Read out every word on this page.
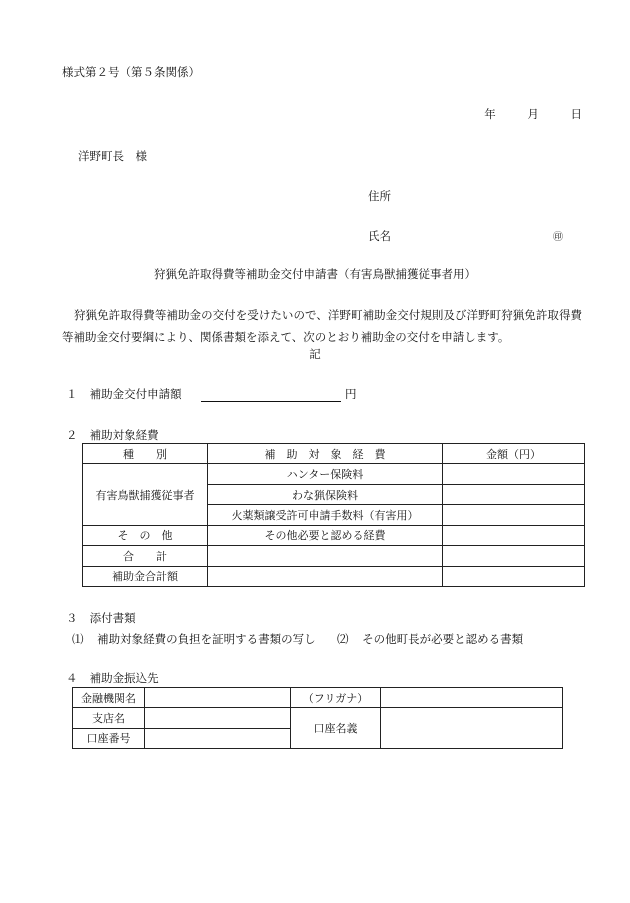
様式第２号（第５条関係）
年	月	日
洋野町長　様
住所
氏名	㊞
狩猟免許取得費等補助金交付申請書（有害鳥獣捕獲従事者用）
狩猟免許取得費等補助金の交付を受けたいので、洋野町補助金交付規則及び洋野町狩猟免許取得費等補助金交付要綱により、関係書類を添えて、次のとおり補助金の交付を申請します。
記
１ 補助金交付申請額	円
２ 補助対象経費
種　　別	補　助　対　象　経　費	金額（円）
有害鳥獣捕獲従事者	ハンター保険料	
	わな猟保険料	
	火薬類譲受許可申請手数料（有害用）	
そ　の　他	その他必要と認める経費	
合　　計		
補助金合計額		
３ 添付書類
⑴ 補助対象経費の負担を証明する書類の写し ⑵ その他町長が必要と認める書類
４ 補助金振込先
金融機関名		（フリガナ）	
支店名		口座名義	
口座番号			
